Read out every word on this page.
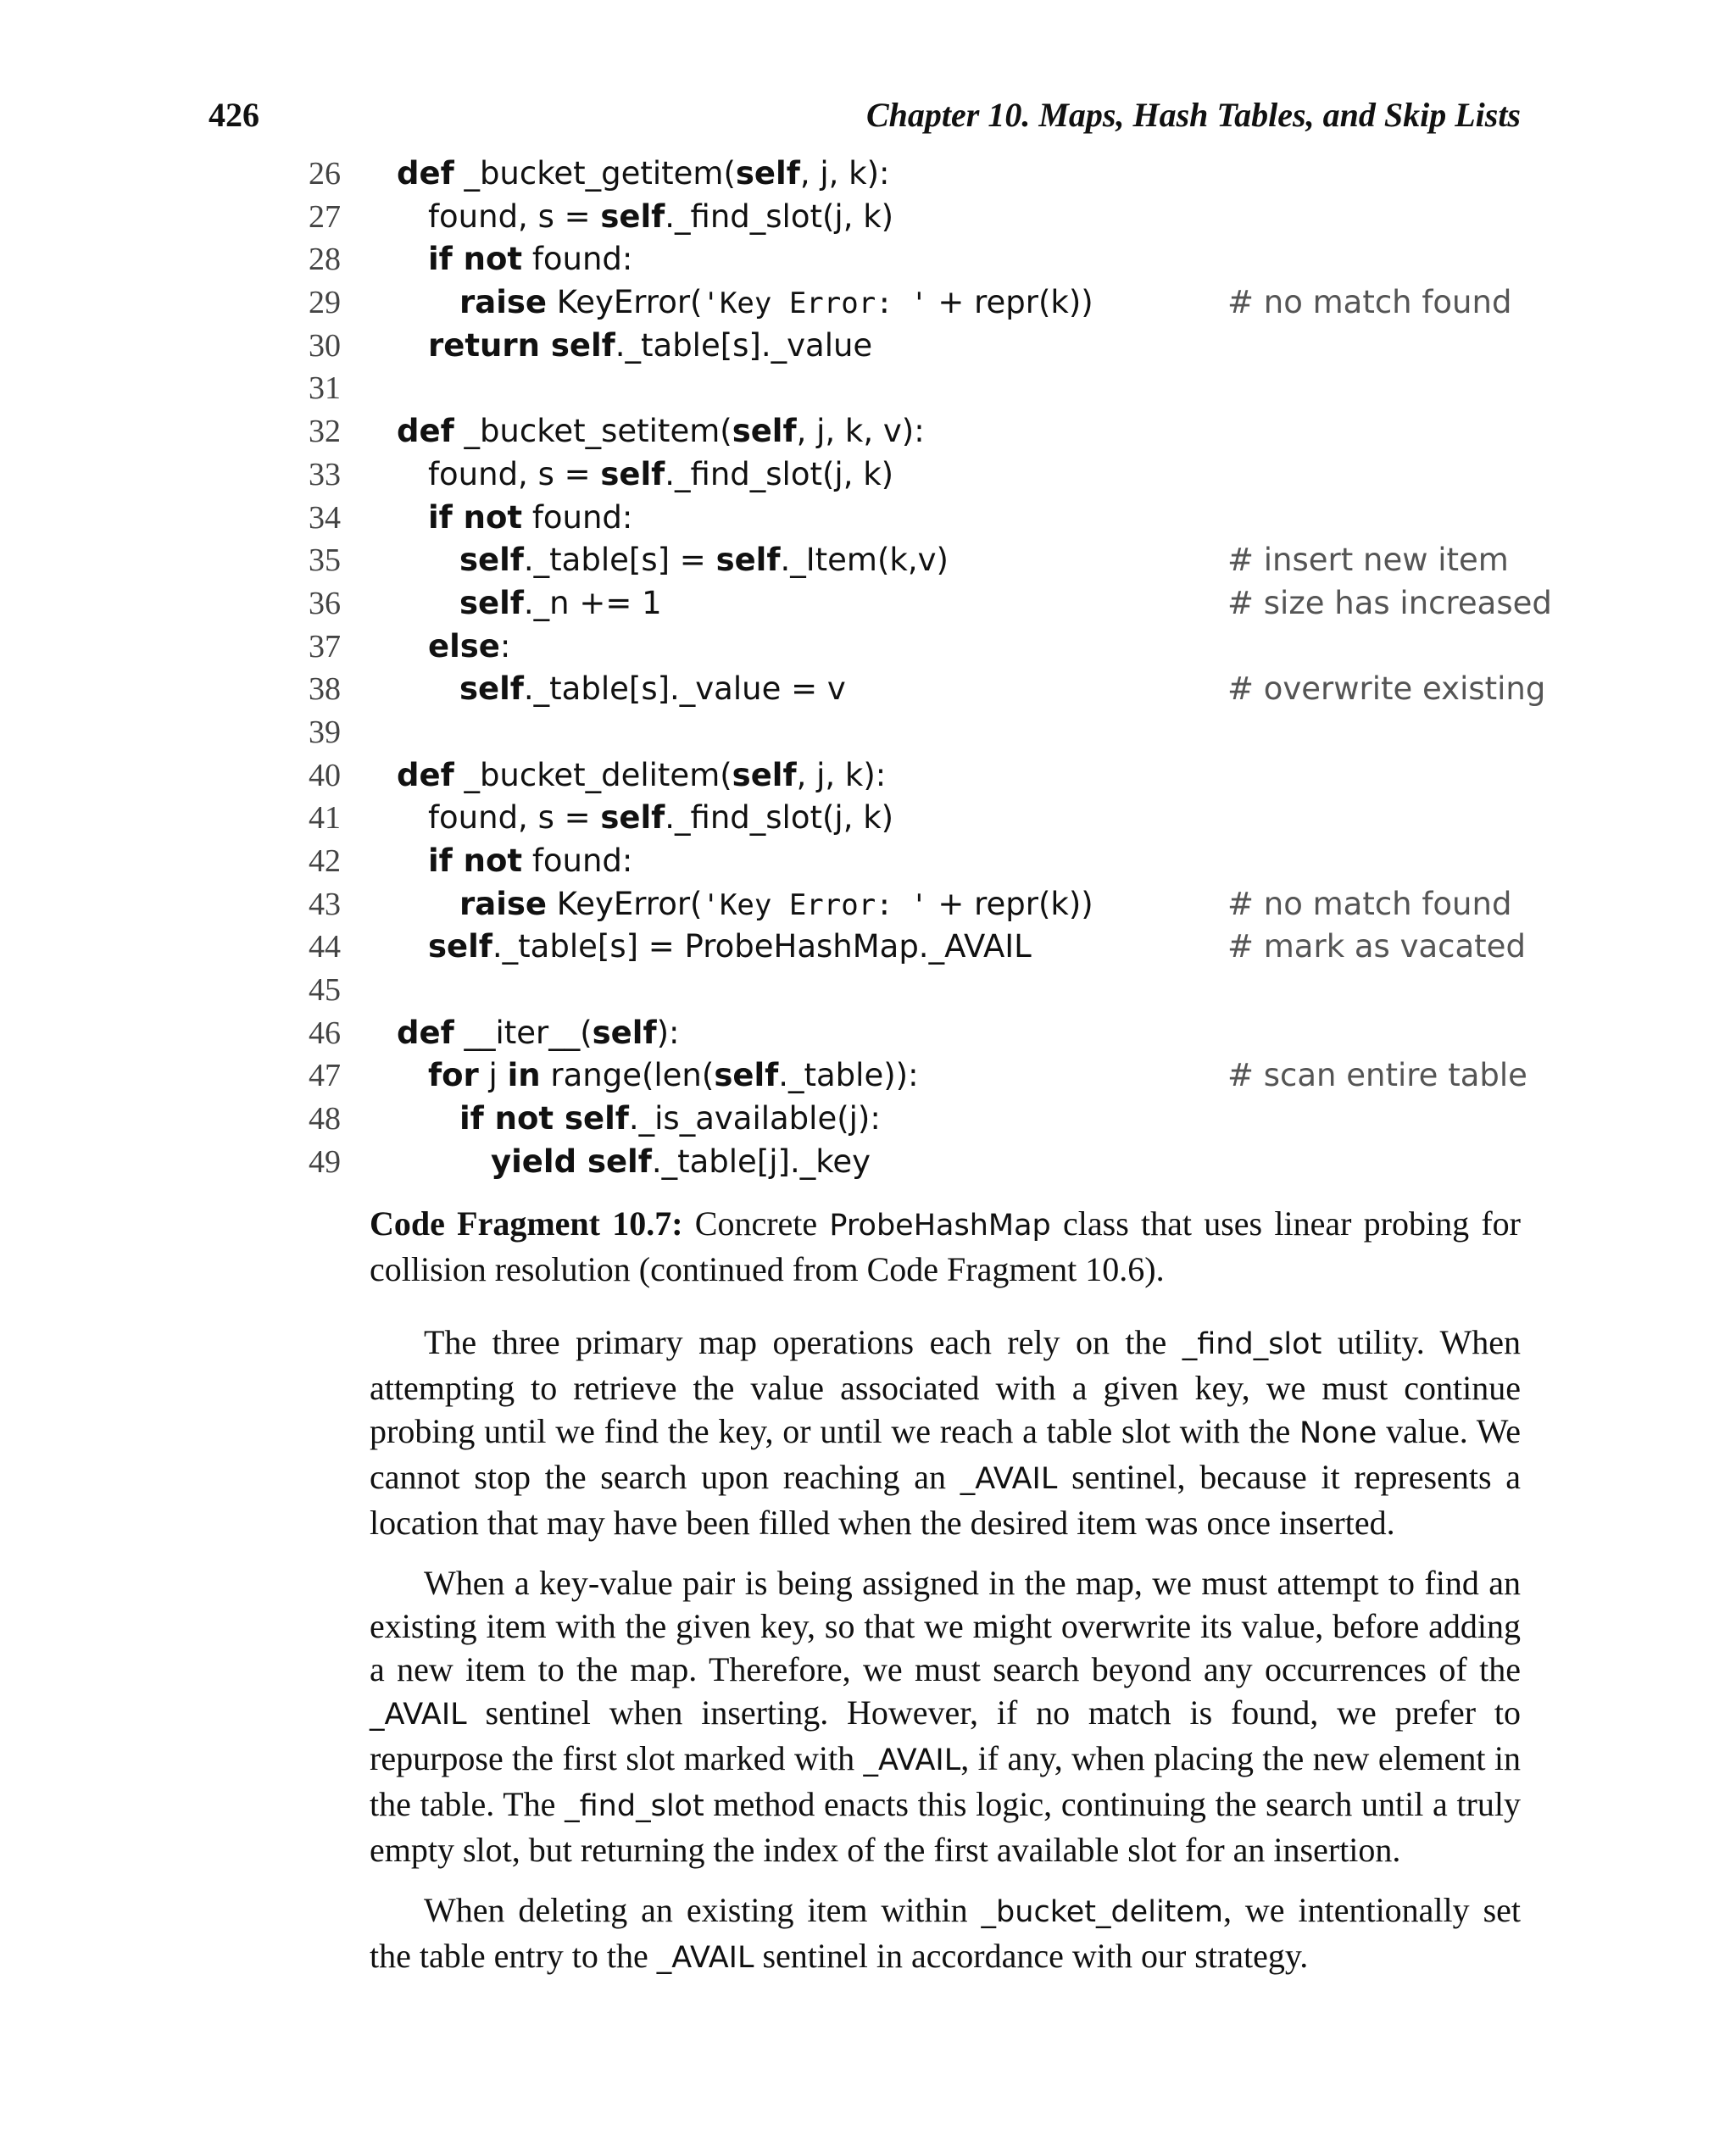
426	Chapter 10. Maps, Hash Tables, and Skip Lists
26 def _bucket_getitem(self, j, k):
27	found, s = self._find_slot(j, k)
28	if not found:
29	raise KeyError('Key Error: ' + repr(k))	# no match found
30	return self._table[s]._value
31
32 def _bucket_setitem(self, j, k, v):
33	found, s = self._find_slot(j, k)
34	if not found:
35	self._table[s] = self._Item(k,v)	# insert new item
36	self._n += 1	# size has increased
37	else:
38	self._table[s]._value = v	# overwrite existing
39
40 def _bucket_delitem(self, j, k):
41	found, s = self._find_slot(j, k)
42	if not found:
43	raise KeyError('Key Error: ' + repr(k))	# no match found
44	self._table[s] = ProbeHashMap._AVAIL	# mark as vacated
45
46 def __iter__(self):
47	for j in range(len(self._table)):	# scan entire table
48	if not self._is_available(j):
49	yield self._table[j]._key
Code Fragment 10.7: Concrete ProbeHashMap class that uses linear probing for collision resolution (continued from Code Fragment 10.6).

The three primary map operations each rely on the _find_slot utility. When attempting to retrieve the value associated with a given key, we must continue probing until we find the key, or until we reach a table slot with the None value. We cannot stop the search upon reaching an _AVAIL sentinel, because it represents a location that may have been filled when the desired item was once inserted.

When a key-value pair is being assigned in the map, we must attempt to find an existing item with the given key, so that we might overwrite its value, before adding a new item to the map. Therefore, we must search beyond any occurrences of the _AVAIL sentinel when inserting. However, if no match is found, we prefer to repurpose the first slot marked with _AVAIL, if any, when placing the new element in the table. The _find_slot method enacts this logic, continuing the search until a truly empty slot, but returning the index of the first available slot for an insertion.

When deleting an existing item within _bucket_delitem, we intentionally set the table entry to the _AVAIL sentinel in accordance with our strategy.
